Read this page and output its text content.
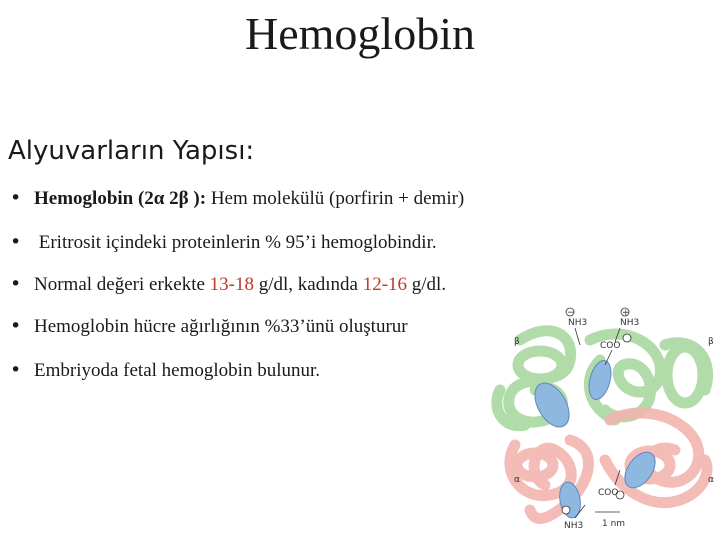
Hemoglobin
Alyuvarların Yapısı:
• Hemoglobin (2α 2β ): Hem molekülü (porfirin + demir)
• Eritrosit içindeki proteinlerin % 95’i hemoglobindir.
• Normal değeri erkekte 13-18 g/dl, kadında 12-16 g/dl.
• Hemoglobin hücre ağırlığının %33’ünü oluşturur
• Embriyoda fetal hemoglobin bulunur.
−	+
β	β
NH3	NH3
COO
α	α
COO
NH3 1 nm
